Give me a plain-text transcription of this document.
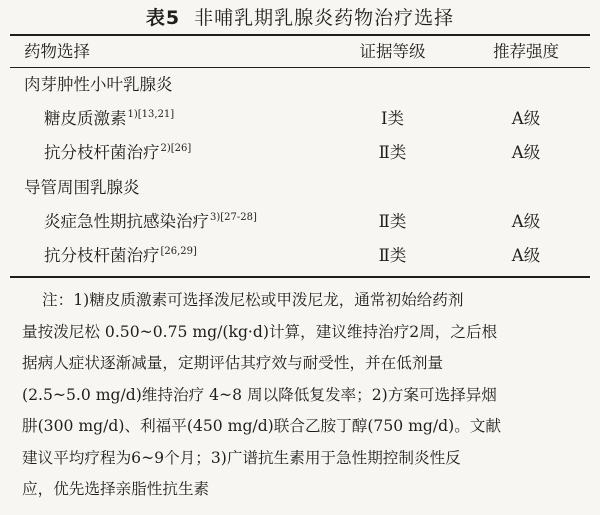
表5 非哺乳期乳腺炎药物治疗选择
药物选择	证据等级	推荐强度
肉芽肿性小叶乳腺炎
糖皮质激素$^{1)[13,21]}$	Ⅰ类	A级
抗分枝杆菌治疗$^{2)[26]}$	Ⅱ类	A级
导管周围乳腺炎
炎症急性期抗感染治疗$^{3)[27-28]}$	Ⅱ类	A级
抗分枝杆菌治疗[26,29]	Ⅱ类	A级
注：1)糖皮质激素可选择泼尼松或甲泼尼龙，通常初始给药剂
量按泼尼松 0.50~0.75 mg/(kg·d)计算，建议维持治疗2周，之后根
据病人症状逐渐减量，定期评估其疗效与耐受性，并在低剂量
(2.5~5.0 mg/d)维持治疗 4~8 周以降低复发率；2)方案可选择异烟
肼(300 mg/d)、利福平(450 mg/d)联合乙胺丁醇(750 mg/d)。文献
建议平均疗程为6~9个月；3)广谱抗生素用于急性期控制炎性反
应，优先选择亲脂性抗生素
